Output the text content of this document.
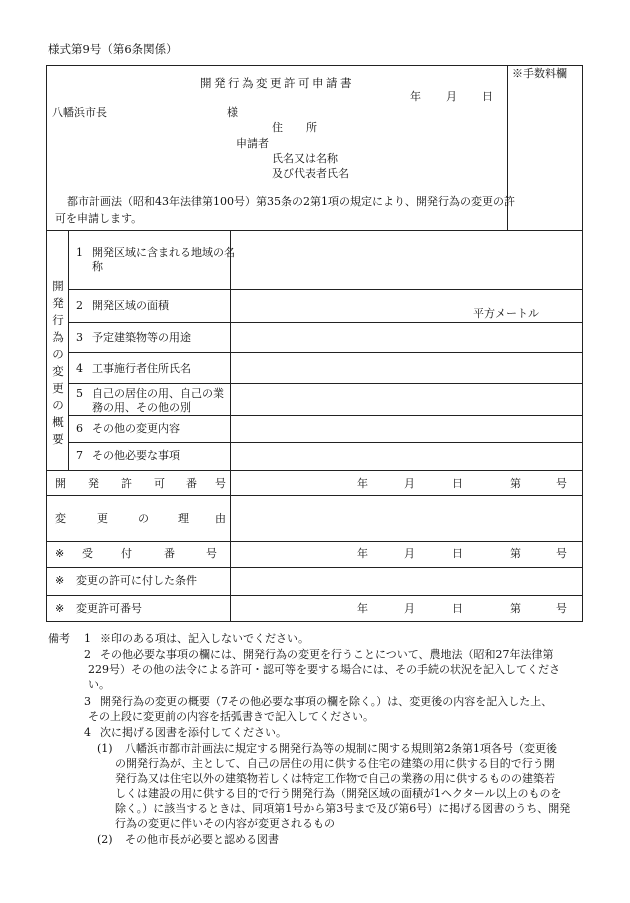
様式第9号（第6条関係）
開発行為変更許可申請書
※手数料欄
年 月 日
八幡浜市長	様
住 所
申請者
氏名又は名称
及び代表者氏名
都市計画法（昭和43年法律第100号）第35条の2第1項の規定により、開発行為の変更の許可を申請します。
開
発
行
為
の
変
更
の
概
要
1 開発区域に含まれる地域の名称
2 開発区域の面積
平方メートル
3 予定建築物等の用途
4 工事施行者住所氏名
5 自己の居住の用、自己の業務の用、その他の別
6 その他の変更内容
7 その他必要な事項
開 発 許 可 番 号	年	月	日	第	号
変	更	の	理 由
※ 受	付	番	号	年	月	日	第	号
※ 変更の許可に付した条件
※ 変更許可番号	年	月	日	第	号
備考 1 ※印のある項は、記入しないでください。
2 その他必要な事項の欄には、開発行為の変更を行うことについて、農地法（昭和27年法律第
229号）その他の法令による許可・認可等を要する場合には、その手続の状況を記入してくださ
い。
3 開発行為の変更の概要（7その他必要な事項の欄を除く。）は、変更後の内容を記入した上、
その上段に変更前の内容を括弧書きで記入してください。
4 次に掲げる図書を添付してください。
(1) 八幡浜市都市計画法に規定する開発行為等の規制に関する規則第2条第1項各号（変更後
の開発行為が、主として、自己の居住の用に供する住宅の建築の用に供する目的で行う開
発行為又は住宅以外の建築物若しくは特定工作物で自己の業務の用に供するものの建築若
しくは建設の用に供する目的で行う開発行為（開発区域の面積が1ヘクタール以上のものを
除く。）に該当するときは、同項第1号から第3号まで及び第6号）に掲げる図書のうち、開発
行為の変更に伴いその内容が変更されるもの
(2) その他市長が必要と認める図書
